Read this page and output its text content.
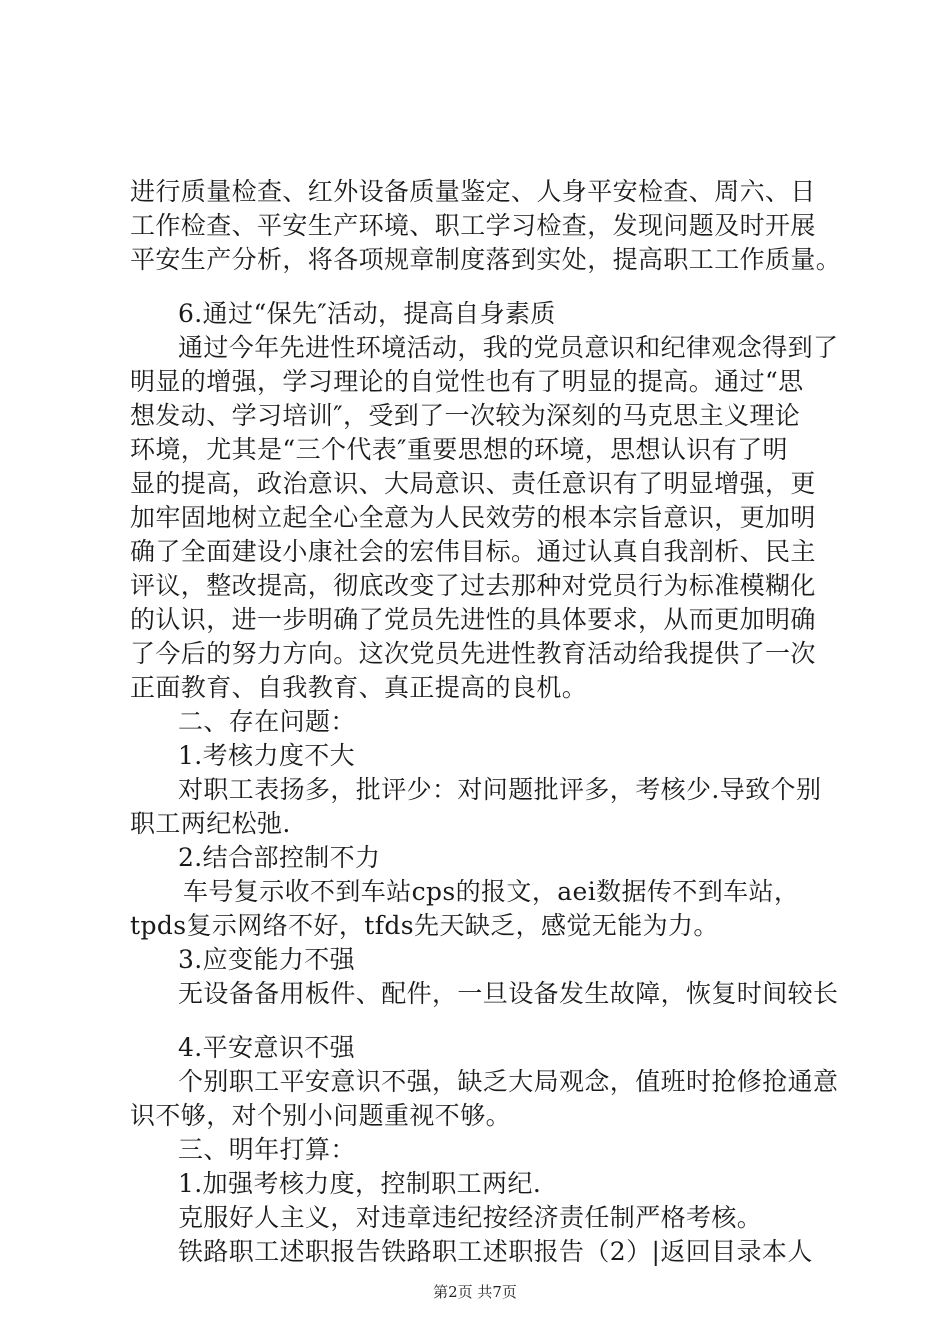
进行质量检查、红外设备质量鉴定、人身平安检查、周六、日
工作检查、平安生产环境、职工学习检查，发现问题及时开展
平安生产分析，将各项规章制度落到实处，提高职工工作质量。
6.通过“保先″活动，提高自身素质
通过今年先进性环境活动，我的党员意识和纪律观念得到了
明显的增强，学习理论的自觉性也有了明显的提高。通过“思
想发动、学习培训″，受到了一次较为深刻的马克思主义理论
环境，尤其是“三个代表″重要思想的环境，思想认识有了明
显的提高，政治意识、大局意识、责任意识有了明显增强，更
加牢固地树立起全心全意为人民效劳的根本宗旨意识，更加明
确了全面建设小康社会的宏伟目标。通过认真自我剖析、民主
评议，整改提高，彻底改变了过去那种对党员行为标准模糊化
的认识，进一步明确了党员先进性的具体要求，从而更加明确
了今后的努力方向。这次党员先进性教育活动给我提供了一次
正面教育、自我教育、真正提高的良机。
二、存在问题：
1.考核力度不大
对职工表扬多，批评少：对问题批评多，考核少.导致个别
职工两纪松弛.
2.结合部控制不力
车号复示收不到车站cps的报文，aei数据传不到车站，
tpds复示网络不好，tfds先天缺乏，感觉无能为力。
3.应变能力不强
无设备备用板件、配件，一旦设备发生故障，恢复时间较长
4.平安意识不强
个别职工平安意识不强，缺乏大局观念，值班时抢修抢通意
识不够，对个别小问题重视不够。
三、明年打算：
1.加强考核力度，控制职工两纪.
克服好人主义，对违章违纪按经济责任制严格考核。
铁路职工述职报告铁路职工述职报告（2）|返回目录本人
第2页 共7页
